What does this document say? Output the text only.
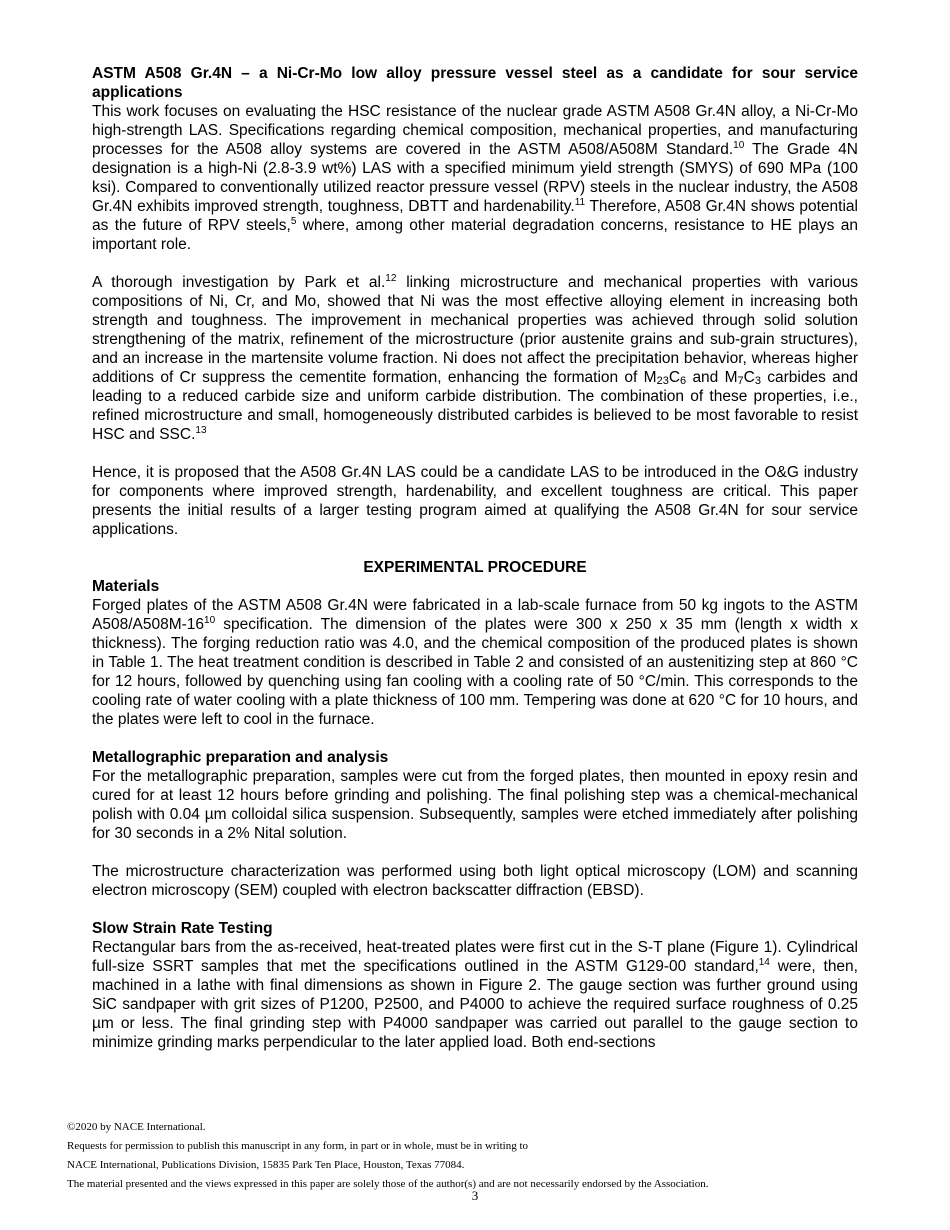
ASTM A508 Gr.4N – a Ni-Cr-Mo low alloy pressure vessel steel as a candidate for sour service applications

This work focuses on evaluating the HSC resistance of the nuclear grade ASTM A508 Gr.4N alloy, a Ni-Cr-Mo high-strength LAS. Specifications regarding chemical composition, mechanical properties, and manufacturing processes for the A508 alloy systems are covered in the ASTM A508/A508M Standard.$^{10}$ The Grade 4N designation is a high-Ni (2.8-3.9 wt%) LAS with a specified minimum yield strength (SMYS) of 690 MPa (100 ksi). Compared to conventionally utilized reactor pressure vessel (RPV) steels in the nuclear industry, the A508 Gr.4N exhibits improved strength, toughness, DBTT and hardenability.$^{11}$ Therefore, A508 Gr.4N shows potential as the future of RPV steels,$^5$ where, among other material degradation concerns, resistance to HE plays an important role.

A thorough investigation by Park et al.$^{12}$ linking microstructure and mechanical properties with various compositions of Ni, Cr, and Mo, showed that Ni was the most effective alloying element in increasing both strength and toughness. The improvement in mechanical properties was achieved through solid solution strengthening of the matrix, refinement of the microstructure (prior austenite grains and sub-grain structures), and an increase in the martensite volume fraction. Ni does not affect the precipitation behavior, whereas higher additions of Cr suppress the cementite formation, enhancing the formation of $M_{23}C_6$ and $M_7C_3$ carbides and leading to a reduced carbide size and uniform carbide distribution. The combination of these properties, i.e., refined microstructure and small, homogeneously distributed carbides is believed to be most favorable to resist HSC and SSC.$^{13}$

Hence, it is proposed that the A508 Gr.4N LAS could be a candidate LAS to be introduced in the O&G industry for components where improved strength, hardenability, and excellent toughness are critical. This paper presents the initial results of a larger testing program aimed at qualifying the A508 Gr.4N for sour service applications.

EXPERIMENTAL PROCEDURE

Materials

Forged plates of the ASTM A508 Gr.4N were fabricated in a lab-scale furnace from 50 kg ingots to the ASTM $A508/A508M-16^{10}$ specification. The dimension of the plates were 300 x 250 x 35 mm (length x width x thickness). The forging reduction ratio was 4.0, and the chemical composition of the produced plates is shown in Table 1. The heat treatment condition is described in Table 2 and consisted of an austenitizing step at 860 °C for 12 hours, followed by quenching using fan cooling with a cooling rate of 50 °C/min. This corresponds to the cooling rate of water cooling with a plate thickness of 100 mm. Tempering was done at 620 °C for 10 hours, and the plates were left to cool in the furnace.

Metallographic preparation and analysis

For the metallographic preparation, samples were cut from the forged plates, then mounted in epoxy resin and cured for at least 12 hours before grinding and polishing. The final polishing step was a chemical-mechanical polish with 0.04 µm colloidal silica suspension. Subsequently, samples were etched immediately after polishing for 30 seconds in a 2% Nital solution.

The microstructure characterization was performed using both light optical microscopy (LOM) and scanning electron microscopy (SEM) coupled with electron backscatter diffraction (EBSD).

Slow Strain Rate Testing

Rectangular bars from the as-received, heat-treated plates were first cut in the S-T plane (Figure 1). Cylindrical full-size SSRT samples that met the specifications outlined in the ASTM G129-00 standard,$^{14}$ were, then, machined in a lathe with final dimensions as shown in Figure 2. The gauge section was further ground using SiC sandpaper with grit sizes of P1200, P2500, and P4000 to achieve the required surface roughness of 0.25 µm or less. The final grinding step with P4000 sandpaper was carried out parallel to the gauge section to minimize grinding marks perpendicular to the later applied load. Both end-sections

©2020 by NACE International.
Requests for permission to publish this manuscript in any form, in part or in whole, must be in writing to
NACE International, Publications Division, 15835 Park Ten Place, Houston, Texas 77084.
The material presented and the views expressed in this paper are solely those of the author(s) and are not necessarily endorsed by the Association.
3
